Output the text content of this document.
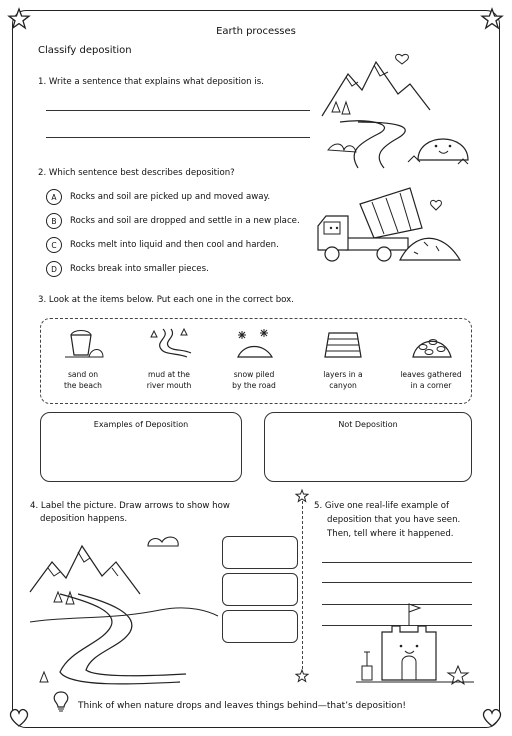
Earth processes
Classify deposition
1. Write a sentence that explains what deposition is.
2. Which sentence best describes deposition?
A	Rocks and soil are picked up and moved away.
B	Rocks and soil are dropped and settle in a new place.
C	Rocks melt into liquid and then cool and harden.
D	Rocks break into smaller pieces.
3. Look at the items below. Put each one in the correct box.
sand on
the beach
mud at the
river mouth
snow piled
by the road
layers in a
canyon
leaves gathered
in a corner
Examples of Deposition	Not Deposition
4. Label the picture. Draw arrows to show how
deposition happens.
5. Give one real-life example of
deposition that you have seen.
Then, tell where it happened.
Think of when nature drops and leaves things behind—that’s deposition!
